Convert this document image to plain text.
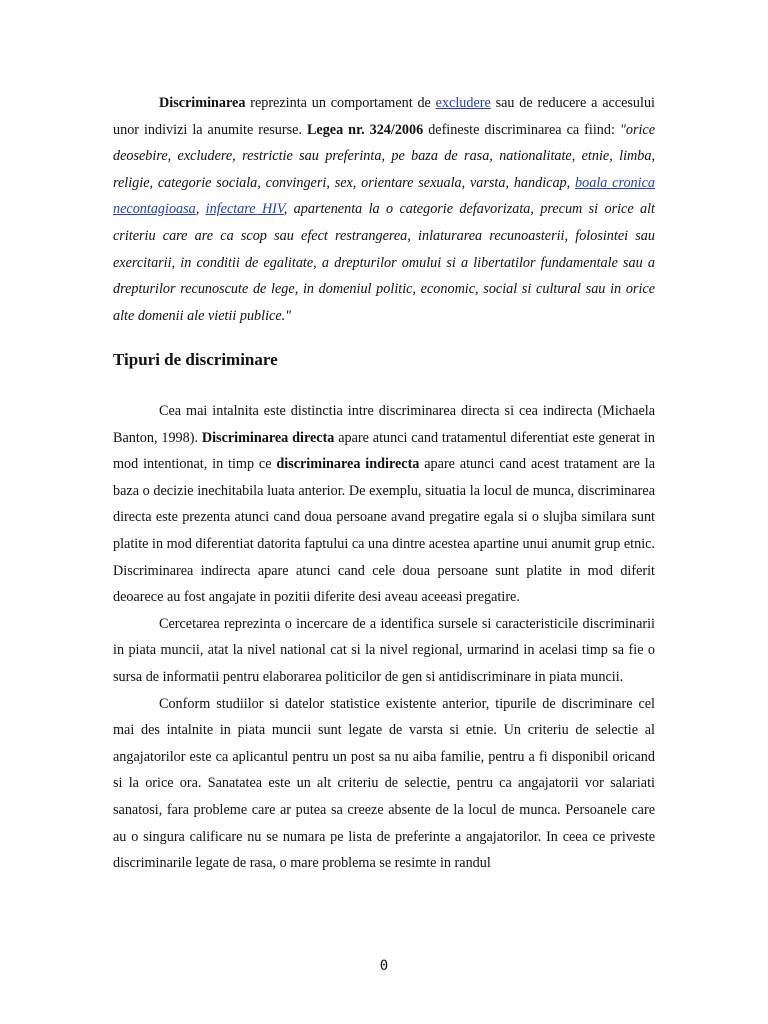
Discriminarea reprezinta un comportament de excludere sau de reducere a accesului unor indivizi la anumite resurse. Legea nr. 324/2006 defineste discriminarea ca fiind: "orice deosebire, excludere, restrictie sau preferinta, pe baza de rasa, nationalitate, etnie, limba, religie, categorie sociala, convingeri, sex, orientare sexuala, varsta, handicap, boala cronica necontagioasa, infectare HIV, apartenenta la o categorie defavorizata, precum si orice alt criteriu care are ca scop sau efect restrangerea, inlaturarea recunoasterii, folosintei sau exercitarii, in conditii de egalitate, a drepturilor omului si a libertatilor fundamentale sau a drepturilor recunoscute de lege, in domeniul politic, economic, social si cultural sau in orice alte domenii ale vietii publice."

Tipuri de discriminare

Cea mai intalnita este distinctia intre discriminarea directa si cea indirecta (Michaela Banton, 1998). Discriminarea directa apare atunci cand tratamentul diferentiat este generat in mod intentionat, in timp ce discriminarea indirecta apare atunci cand acest tratament are la baza o decizie inechitabila luata anterior. De exemplu, situatia la locul de munca, discriminarea directa este prezenta atunci cand doua persoane avand pregatire egala si o slujba similara sunt platite in mod diferentiat datorita faptului ca una dintre acestea apartine unui anumit grup etnic. Discriminarea indirecta apare atunci cand cele doua persoane sunt platite in mod diferit deoarece au fost angajate in pozitii diferite desi aveau aceeasi pregatire.

Cercetarea reprezinta o incercare de a identifica sursele si caracteristicile discriminarii in piata muncii, atat la nivel national cat si la nivel regional, urmarind in acelasi timp sa fie o sursa de informatii pentru elaborarea politicilor de gen si antidiscriminare in piata muncii.

Conform studiilor si datelor statistice existente anterior, tipurile de discriminare cel mai des intalnite in piata muncii sunt legate de varsta si etnie. Un criteriu de selectie al angajatorilor este ca aplicantul pentru un post sa nu aiba familie, pentru a fi disponibil oricand si la orice ora. Sanatatea este un alt criteriu de selectie, pentru ca angajatorii vor salariati sanatosi, fara probleme care ar putea sa creeze absente de la locul de munca. Persoanele care au o singura calificare nu se numara pe lista de preferinte a angajatorilor. In ceea ce priveste discriminarile legate de rasa, o mare problema se resimte in randul

0
